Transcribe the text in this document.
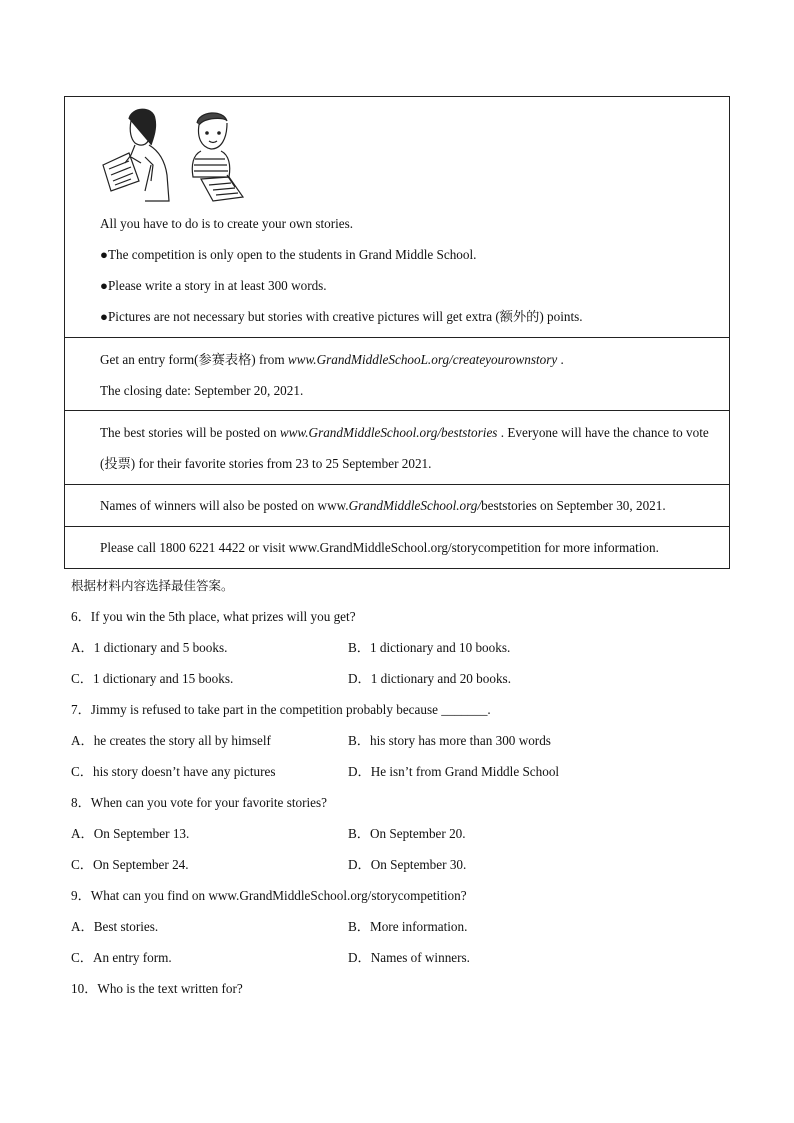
All you have to do is to create your own stories.
●The competition is only open to the students in Grand Middle School.
●Please write a story in at least 300 words.
●Pictures are not necessary but stories with creative pictures will get extra (额外的) points.
Get an entry form(参赛表格) from www.GrandMiddleSchooL.org/createyourownstory .
The closing date: September 20, 2021.
The best stories will be posted on www.GrandMiddleSchool.org/beststories . Everyone will have the chance to vote (投票) for their favorite stories from 23 to 25 September 2021.
Names of winners will also be posted on www.GrandMiddleSchool.org/beststories on September 30, 2021.
Please call 1800 6221 4422 or visit www.GrandMiddleSchool.org/storycompetition for more information.
根据材料内容选择最佳答案。
6．If you win the 5th place, what prizes will you get?
A．1 dictionary and 5 books.	B．1 dictionary and 10 books.
C．1 dictionary and 15 books.	D．1 dictionary and 20 books.
7．Jimmy is refused to take part in the competition probably because _______.
A．he creates the story all by himself	B．his story has more than 300 words
C．his story doesn’t have any pictures	D．He isn’t from Grand Middle School
8．When can you vote for your favorite stories?
A．On September 13.	B．On September 20.
C．On September 24.	D．On September 30.
9．What can you find on www.GrandMiddleSchool.org/storycompetition?
A．Best stories.	B．More information.
C．An entry form.	D．Names of winners.
10．Who is the text written for?
